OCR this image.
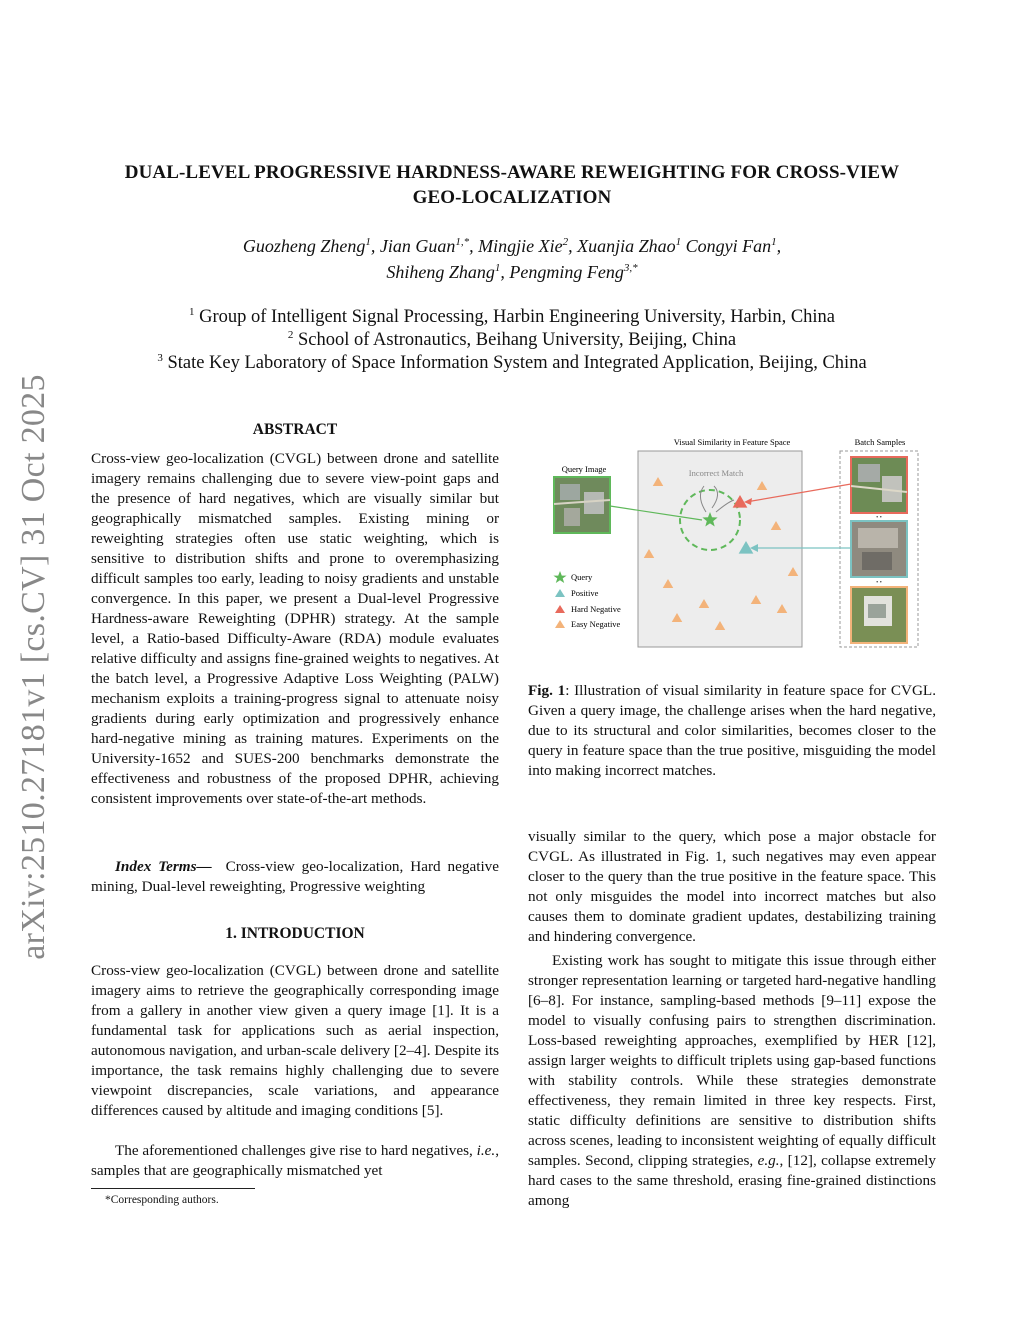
arXiv:2510.27181v1 [cs.CV] 31 Oct 2025
DUAL-LEVEL PROGRESSIVE HARDNESS-AWARE REWEIGHTING FOR CROSS-VIEW
GEO-LOCALIZATION
Guozheng Zheng$^1$, Jian Guan$^{1,*}$, Mingjie Xie$^2$, Xuanjia Zhao$^1$ Congyi Fan$^1$,
Shiheng Zhang$^1$, Pengming Feng$^{3,*}$
$^1$ Group of Intelligent Signal Processing, Harbin Engineering University, Harbin, China
$^2$ School of Astronautics, Beihang University, Beijing, China
$^3$ State Key Laboratory of Space Information System and Integrated Application, Beijing, China
ABSTRACT
Cross-view geo-localization (CVGL) between drone and satellite imagery remains challenging due to severe view-point gaps and the presence of hard negatives, which are visually similar but geographically mismatched samples. Existing mining or reweighting strategies often use static weighting, which is sensitive to distribution shifts and prone to overemphasizing difficult samples too early, leading to noisy gradients and unstable convergence. In this paper, we present a Dual-level Progressive Hardness-aware Reweighting (DPHR) strategy. At the sample level, a Ratio-based Difficulty-Aware (RDA) module evaluates relative difficulty and assigns fine-grained weights to negatives. At the batch level, a Progressive Adaptive Loss Weighting (PALW) mechanism exploits a training-progress signal to attenuate noisy gradients during early optimization and progressively enhance hard-negative mining as training matures. Experiments on the University-1652 and SUES-200 benchmarks demonstrate the effectiveness and robustness of the proposed DPHR, achieving consistent improvements over state-of-the-art methods.
Index Terms— Cross-view geo-localization, Hard negative mining, Dual-level reweighting, Progressive weighting
1. INTRODUCTION
Cross-view geo-localization (CVGL) between drone and satellite imagery aims to retrieve the geographically corresponding image from a gallery in another view given a query image [1]. It is a fundamental task for applications such as aerial inspection, autonomous navigation, and urban-scale delivery [2–4]. Despite its importance, the task remains highly challenging due to severe viewpoint discrepancies, scale variations, and appearance differences caused by altitude and imaging conditions [5].
The aforementioned challenges give rise to hard negatives, i.e., samples that are geographically mismatched yet
*Corresponding authors.
Visual Similarity in Feature Space	Batch Samples
Query Image
• •
• •
Incorrect Match
Query
Positive
Hard Negative
Easy Negative
Fig. 1: Illustration of visual similarity in feature space for CVGL. Given a query image, the challenge arises when the hard negative, due to its structural and color similarities, becomes closer to the query in feature space than the true positive, misguiding the model into making incorrect matches.
visually similar to the query, which pose a major obstacle for CVGL. As illustrated in Fig. 1, such negatives may even appear closer to the query than the true positive in the feature space. This not only misguides the model into incorrect matches but also causes them to dominate gradient updates, destabilizing training and hindering convergence.
Existing work has sought to mitigate this issue through either stronger representation learning or targeted hard-negative handling [6–8]. For instance, sampling-based methods [9–11] expose the model to visually confusing pairs to strengthen discrimination. Loss-based reweighting approaches, exemplified by HER [12], assign larger weights to difficult triplets using gap-based functions with stability controls. While these strategies demonstrate effectiveness, they remain limited in three key respects. First, static difficulty definitions are sensitive to distribution shifts across scenes, leading to inconsistent weighting of equally difficult samples. Second, clipping strategies, e.g., [12], collapse extremely hard cases to the same threshold, erasing fine-grained distinctions among
